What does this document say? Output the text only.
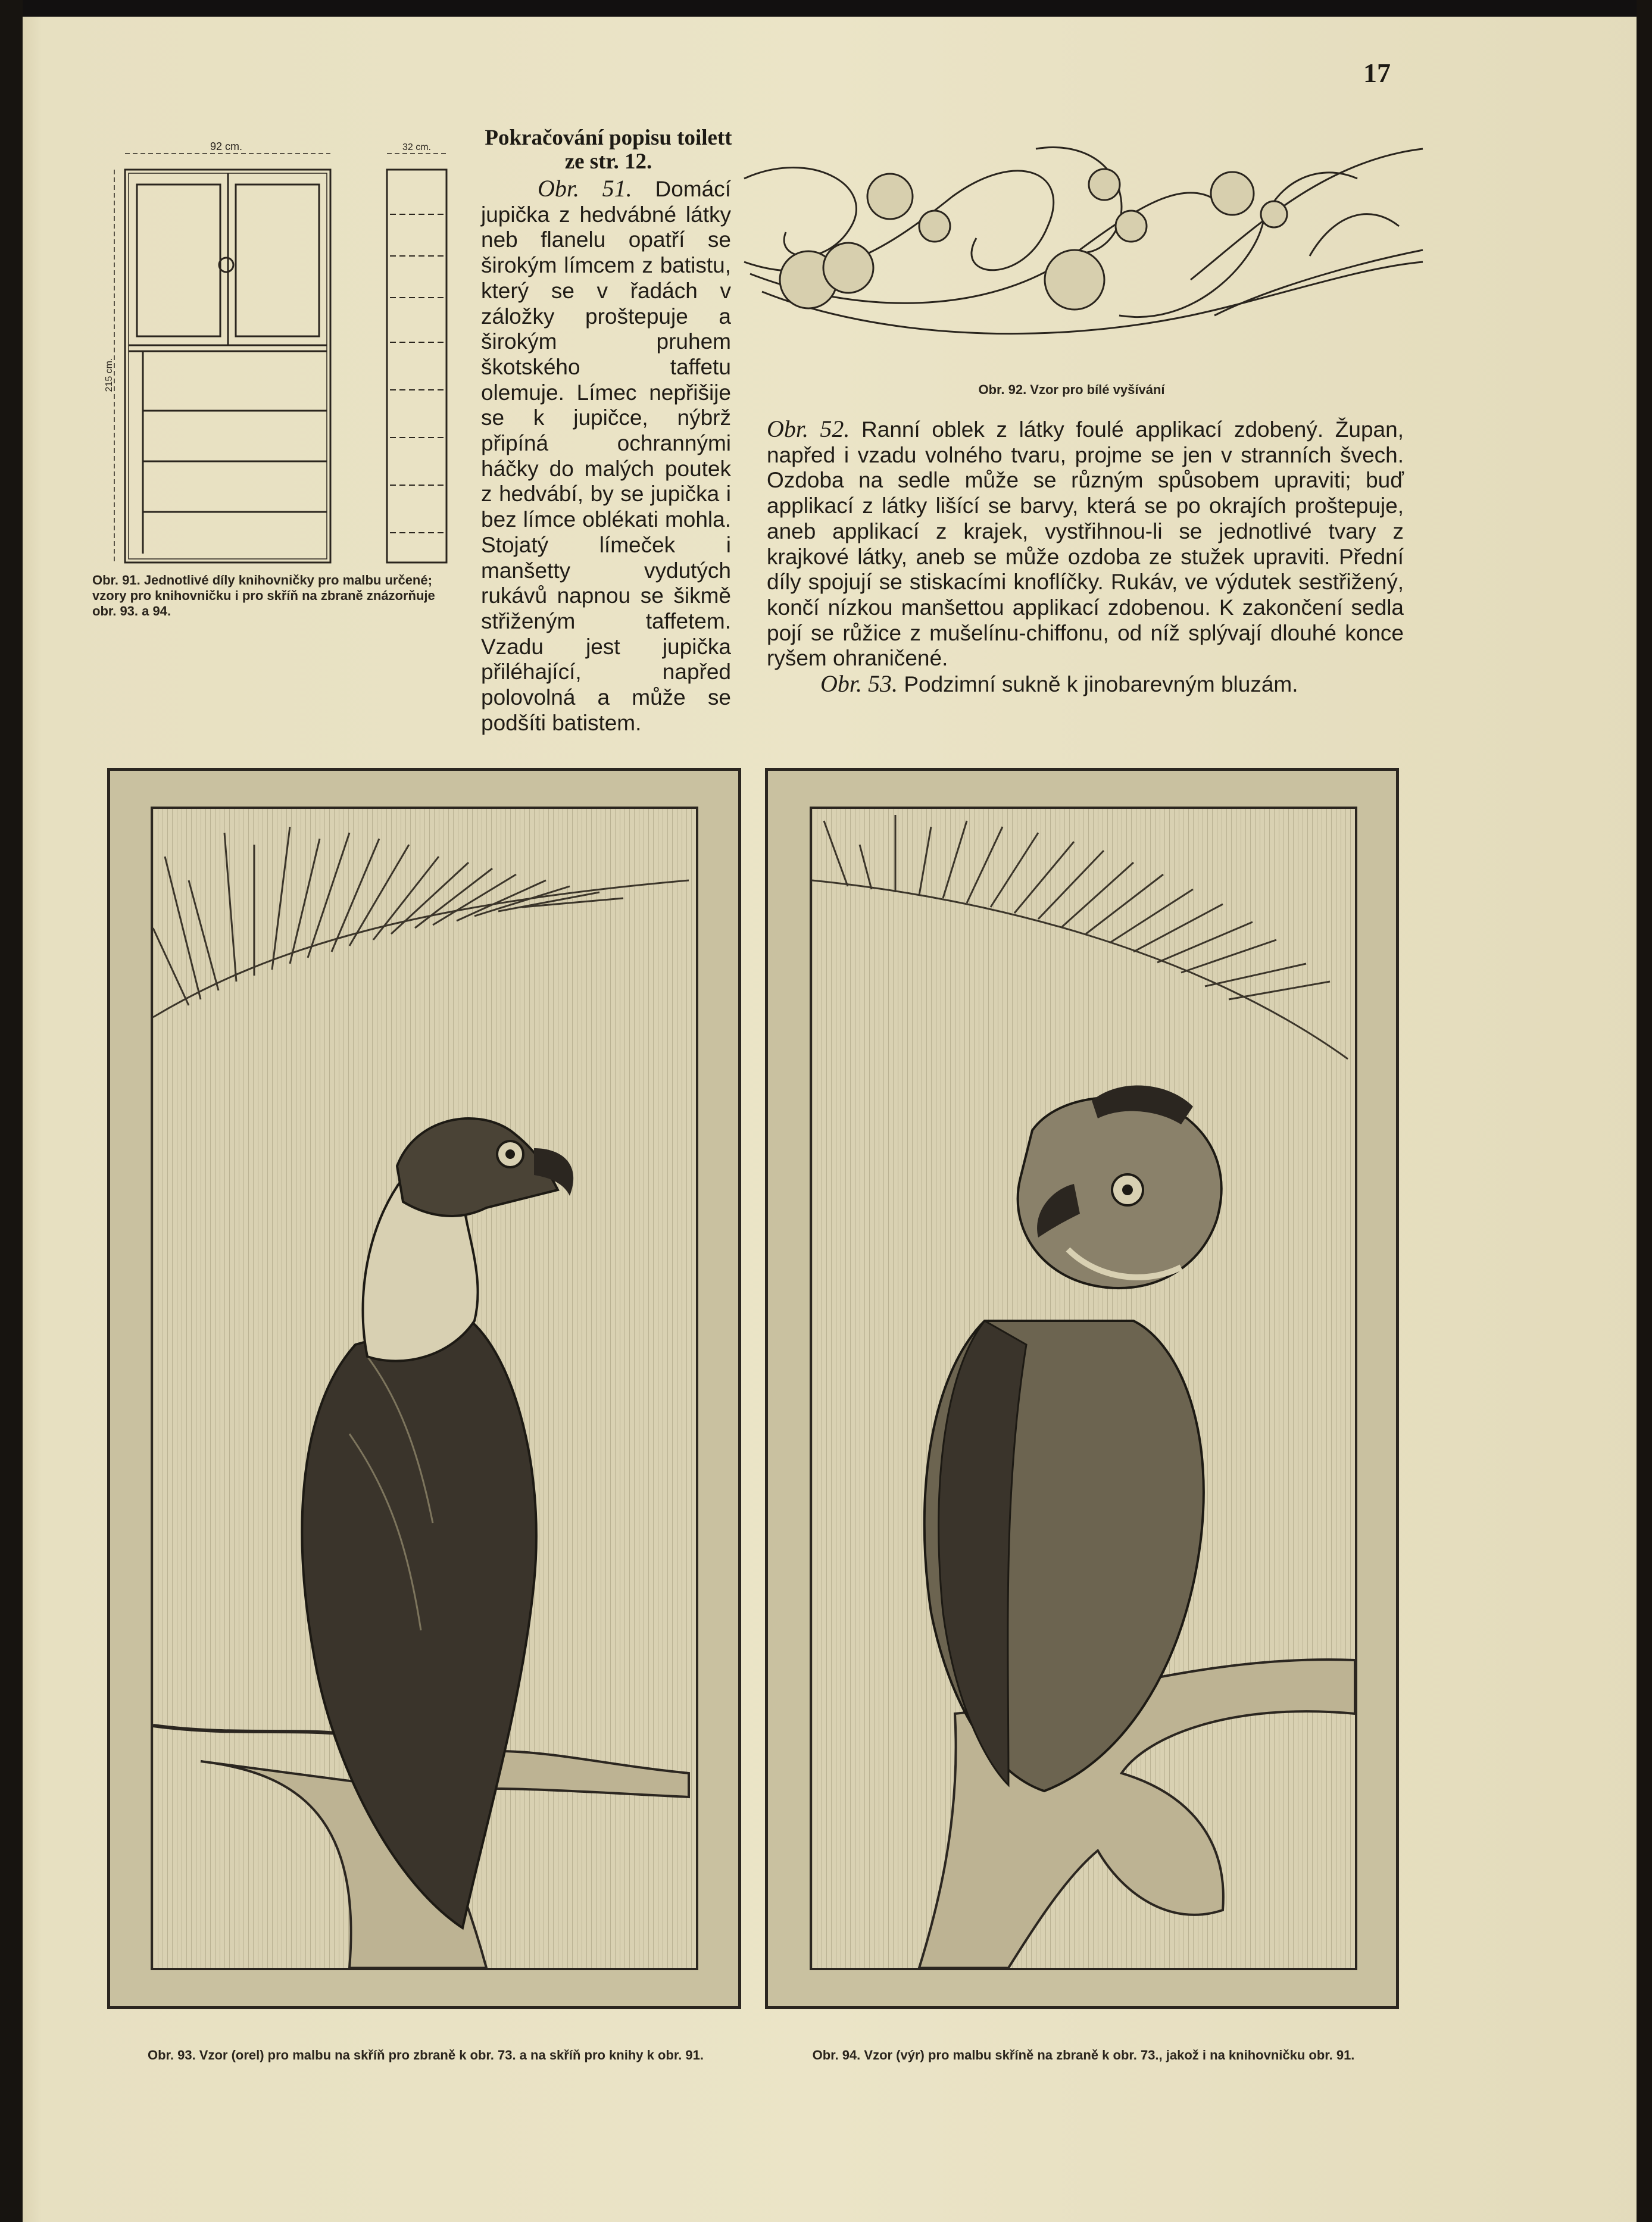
17
92 cm.	32 cm.
215 cm.
Obr. 91. Jednotlivé díly knihovničky pro malbu určené; vzory pro knihovničku i pro skříň na zbraně znázorňuje obr. 93. a 94.
Pokračování popisu toilett ze str. 12.

Obr. 51. Domácí jupička z hedvábné látky neb flanelu opatří se širokým límcem z batistu, který se v řadách v záložky proštepuje a širokým pruhem škotského taffetu olemuje. Límec nepřišije se k jupičce, nýbrž připíná ochrannými háčky do malých poutek z hedvábí, by se jupička i bez límce oblékati mohla. Stojatý límeček i manšetty vydutých rukávů napnou se šikmě střiženým taffetem. Vzadu jest jupička přiléhající, napřed polovolná a může se podšíti batistem.

Obr. 92. Vzor pro bílé vyšívání

Obr. 52. Ranní oblek z látky foulé applikací zdobený. Župan, napřed i vzadu volného tvaru, projme se jen v stranních švech. Ozdoba na sedle může se různým spůsobem upraviti; buď applikací z látky lišící se barvy, která se po okrajích proštepuje, aneb applikací z krajek, vystřihnou-li se jednotlivé tvary z krajkové látky, aneb se může ozdoba ze stužek upraviti. Přední díly spojují se stiskacími knoflíčky. Rukáv, ve výdutek sestřižený, končí nízkou manšettou applikací zdobenou. K zakončení sedla pojí se růžice z mušelínu-chiffonu, od níž splývají dlouhé konce ryšem ohraničené.

Obr. 53. Podzimní sukně k jinobarevným bluzám.

Obr. 93. Vzor (orel) pro malbu na skříň pro zbraně k obr. 73. a na skříň pro knihy k obr. 91.	Obr. 94. Vzor (výr) pro malbu skříně na zbraně k obr. 73., jakož i na knihovničku obr. 91.
